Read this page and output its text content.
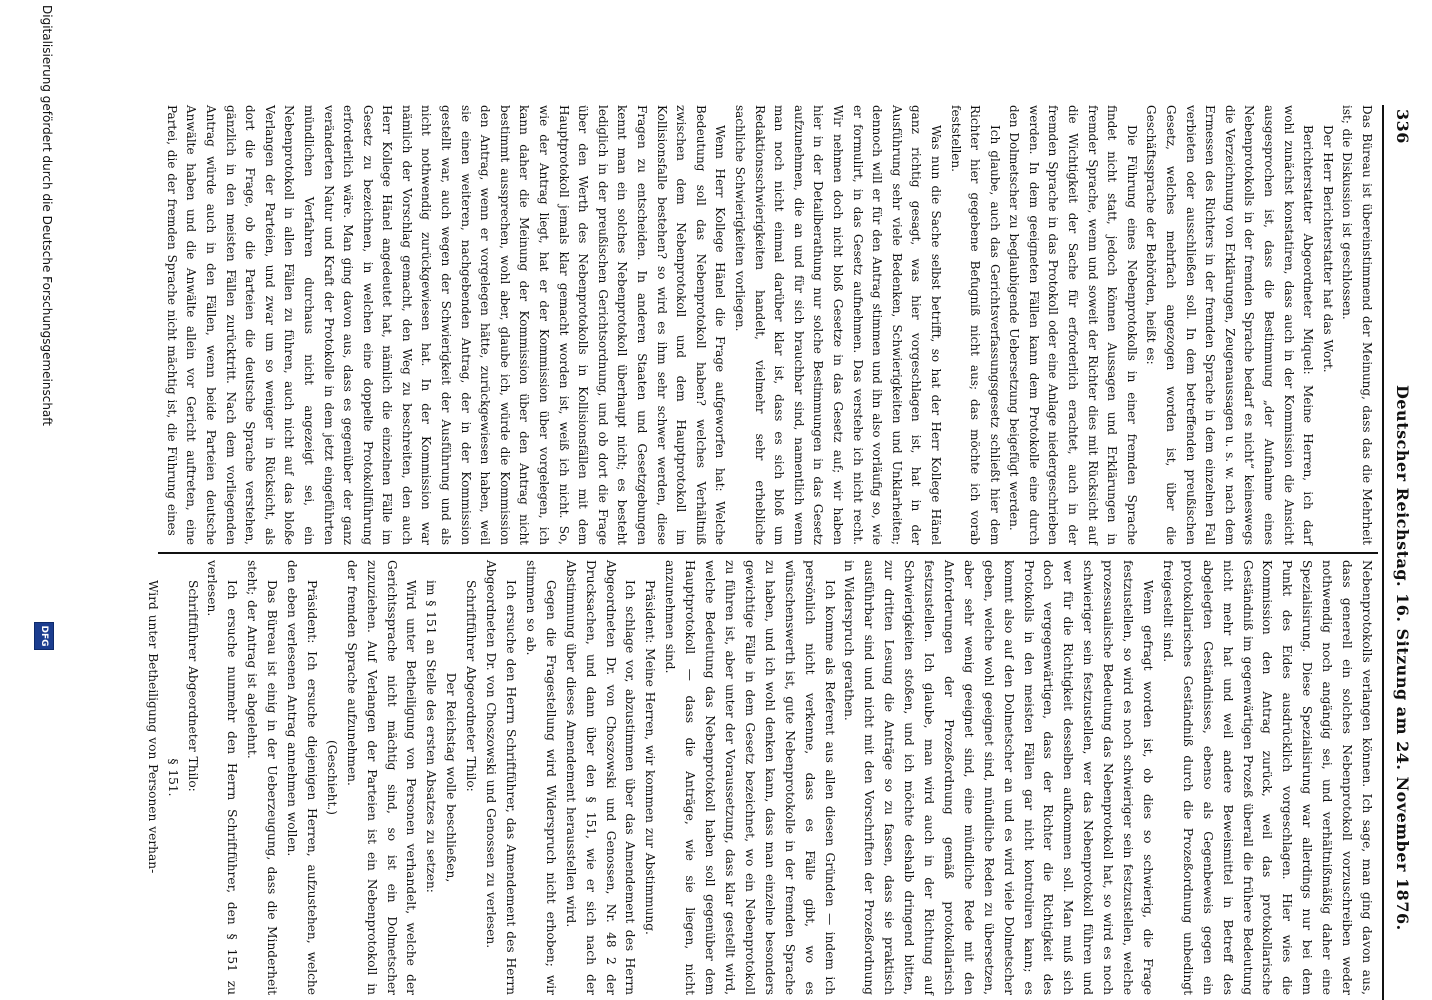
336
Deutscher Reichstag. 16. Sitzung am 24. November 1876.

Das Büreau ist übereinstimmend der Meinung, dass das die Mehrheit ist; die Diskussion ist geschlossen.

Der Herr Berichterstatter hat das Wort.

Berichterstatter Abgeordneter Miquel: Meine Herren, ich darf wohl zunächst konstatiren, dass auch in der Kommission die Ansicht ausgesprochen ist, dass die Bestimmung „der Aufnahme eines Nebenprotokolls in der fremden Sprache bedarf es nicht“ keineswegs die Verzeichnung von Erklärungen, Zeugenaussagen u. s. w. nach dem Ermessen des Richters in der fremden Sprache in dem einzelnen Fall verbieten oder ausschließen soll. In dem betreffenden preußischen Gesetz, welches mehrfach angezogen worden ist, über die Geschäftssprache der Behörden, heißt es:

Die Führung eines Nebenprotokolls in einer fremden Sprache findet nicht statt, jedoch können Aussagen und Erklärungen in fremder Sprache, wenn und soweit der Richter dies mit Rücksicht auf die Wichtigkeit der Sache für erforderlich erachtet, auch in der fremden Sprache in das Protokoll oder eine Anlage niedergeschrieben werden. In dem geeigneten Fällen kann dem Protokolle eine durch den Dolmetscher zu beglaubigende Uebersetzung beigefügt werden.

Ich glaube, auch das Gerichtsverfassungsgesetz schließt hier dem Richter hier gegebene Befugniß nicht aus; das möchte ich vorab feststellen.

Was nun die Sache selbst betrifft, so hat der Herr Kollege Hänel ganz richtig gesagt, was hier vorgeschlagen ist, hat in der Ausführung sehr viele Bedenken, Schwierigkeiten und Unklarheiten; dennoch will er für den Antrag stimmen und ihn also vorläufig so, wie er formulirt, in das Gesetz aufnehmen. Das verstehe ich nicht recht. Wir nehmen doch nicht bloß Gesetze in das Gesetz auf; wir haben hier in der Detailberathung nur solche Bestimmungen in das Gesetz aufzunehmen, die an und für sich brauchbar sind, namentlich wenn man noch nicht einmal darüber klar ist, dass es sich bloß um Redaktionsschwierigkeiten handelt, vielmehr sehr erhebliche sachliche Schwierigkeiten vorliegen.

Wenn Herr Kollege Hänel die Frage aufgeworfen hat: Welche Bedeutung soll das Nebenprotokoll haben? welches Verhältniß zwischen dem Nebenprotokoll und dem Hauptprotokoll im Kollisionsfalle bestehen? so wird es ihm sehr schwer werden, diese Fragen zu entscheiden. In anderen Staaten und Gesetzgebungen kennt man ein solches Nebenprotokoll überhaupt nicht; es besteht lediglich in der preußischen Gerichtsordnung, und ob dort die Frage über den Werth des Nebenprotokolls in Kollisionsfällen mit dem Hauptprotokoll jemals klar gemacht worden ist, weiß ich nicht. So, wie der Antrag liegt, hat er der Kommission über vorgelegen, ich kann daher die Meinung der Kommission über den Antrag nicht bestimmt aussprechen, wohl aber, glaube ich, würde die Kommission den Antrag, wenn er vorgelegen hätte, zurückgewiesen haben, weil sie einen weiteren, nachgebenden Antrag, der in der Kommission gestellt war, auch wegen der Schwierigkeit der Ausführung und als nicht nothwendig zurückgewiesen hat. In der Kommission war nämlich der Vorschlag gemacht, den Weg zu beschreiten, den auch Herr Kollege Hänel angedeutet hat, nämlich die einzelnen Fälle im Gesetz zu bezeichnen, in welchen eine doppelte Protokollführung erforderlich wäre. Man ging davon aus, dass es gegenüber der ganz veränderten Natur und Kraft der Protokolle in dem jetzt eingeführten mündlichen Verfahren durchaus nicht angezeigt sei, ein Nebenprotokoll in allen Fällen zu führen, auch nicht auf das bloße Verlangen der Parteien, und zwar um so weniger in Rücksicht, als dort die Frage, ob die Parteien die deutsche Sprache verstehen, gänzlich in den meisten Fällen zurücktritt. Nach dem vorliegenden Antrag würde auch in den Fällen, wenn beide Parteien deutsche Anwälte haben und die Anwälte allein vor Gericht auftreten, eine Partei, die der fremden Sprache nicht mächtig ist, die Führung eines

Nebenprotokolls verlangen können. Ich sage, man ging davon aus, dass generell ein solches Nebenprotokoll vorzuschreiben weder nothwendig noch angängig sei, und verhältnißmäßig daher eine Spezialisirung. Diese Spezialisirung war allerdings nur bei dem Punkt des Eides ausdrücklich vorgeschlagen. Hier wies die Kommission den Antrag zurück, weil das protokollarische Geständniß im gegenwärtigen Prozeß überall die frühere Bedeutung nicht mehr hat und weil andere Beweismittel in Betreff des abgelegten Geständnisses, ebenso als Gegenbeweis gegen ein protokollarisches Geständniß durch die Prozeßordnung unbedingt freigestellt sind.

Wenn gefragt worden ist, ob dies so schwierig, die Frage festzustellen, so wird es noch schwieriger sein festzustellen, welche prozessualische Bedeutung das Nebenprotokoll hat, so wird es noch schwieriger sein festzustellen, wer das Nebenprotokoll führen und wer für die Richtigkeit desselben aufkommen soll. Man muß sich doch vergegenwärtigen, dass der Richter die Richtigkeit des Protokolls in den meisten Fällen gar nicht kontroliren kann; es kommt also auf den Dolmetscher an und es wird viele Dolmetscher geben, welche wohl geeignet sind, mündliche Reden zu übersetzen, aber sehr wenig geeignet sind, eine mündliche Rede mit den Anforderungen der Prozeßordnung gemäß protokollarisch festzustellen. Ich glaube, man wird auch in der Richtung auf Schwierigkeiten stoßen, und ich möchte deshalb dringend bitten, zur dritten Lesung die Anträge so zu fassen, dass sie praktisch ausführbar sind und nicht mit den Vorschriften der Prozeßordnung in Widerspruch gerathen.

Ich komme als Referent aus allen diesen Gründen — indem ich persönlich nicht verkenne, dass es Fälle gibt, wo es wünschenswerth ist, gute Nebenprotokolle in der fremden Sprache zu haben, und ich wohl denken kann, dass man einzelne besonders gewichtige Fälle in dem Gesetz bezeichnet, wo ein Nebenprotokoll zu führen ist, aber unter der Voraussetzung, dass klar gestellt wird, welche Bedeutung das Nebenprotokoll haben soll gegenüber dem Hauptprotokoll — dass die Anträge, wie sie liegen, nicht anzunehmen sind.

Präsident: Meine Herren, wir kommen zur Abstimmung.

Ich schlage vor, abzustimmen über das Amendement des Herrn Abgeordneten Dr. von Choszowski und Genossen, Nr. 48 2 der Drucksachen, und dann über den § 151, wie er sich nach der Abstimmung über dieses Amendement herausstellen wird.

Gegen die Fragestellung wird Widerspruch nicht erhoben; wir stimmen so ab.

Ich ersuche den Herrn Schriftführer, das Amendement des Herrn Abgeordneten Dr. von Choszowski und Genossen zu verlesen.

Schriftführer Abgeordneter Thilo:

Der Reichstag wolle beschließen,

im § 151 an Stelle des ersten Absatzes zu setzen:

Wird unter Betheiligung von Personen verhandelt, welche der Gerichtssprache nicht mächtig sind, so ist ein Dolmetscher zuzuziehen. Auf Verlangen der Parteien ist ein Nebenprotokoll in der fremden Sprache aufzunehmen.

(Geschieht.)

Präsident: Ich ersuche diejenigen Herren, aufzustehen, welche den eben verlesenen Antrag annehmen wollen.

Das Büreau ist einig in der Ueberzeugung, dass die Minderheit steht; der Antrag ist abgelehnt.

Ich ersuche nunmehr den Herrn Schriftführer, den § 151 zu verlesen.

Schriftführer Abgeordneter Thilo:

§ 151.

Wird unter Betheiligung von Personen verhan-

Digitalisierung gefördert durch die Deutsche Forschungsgemeinschaft
DFG
